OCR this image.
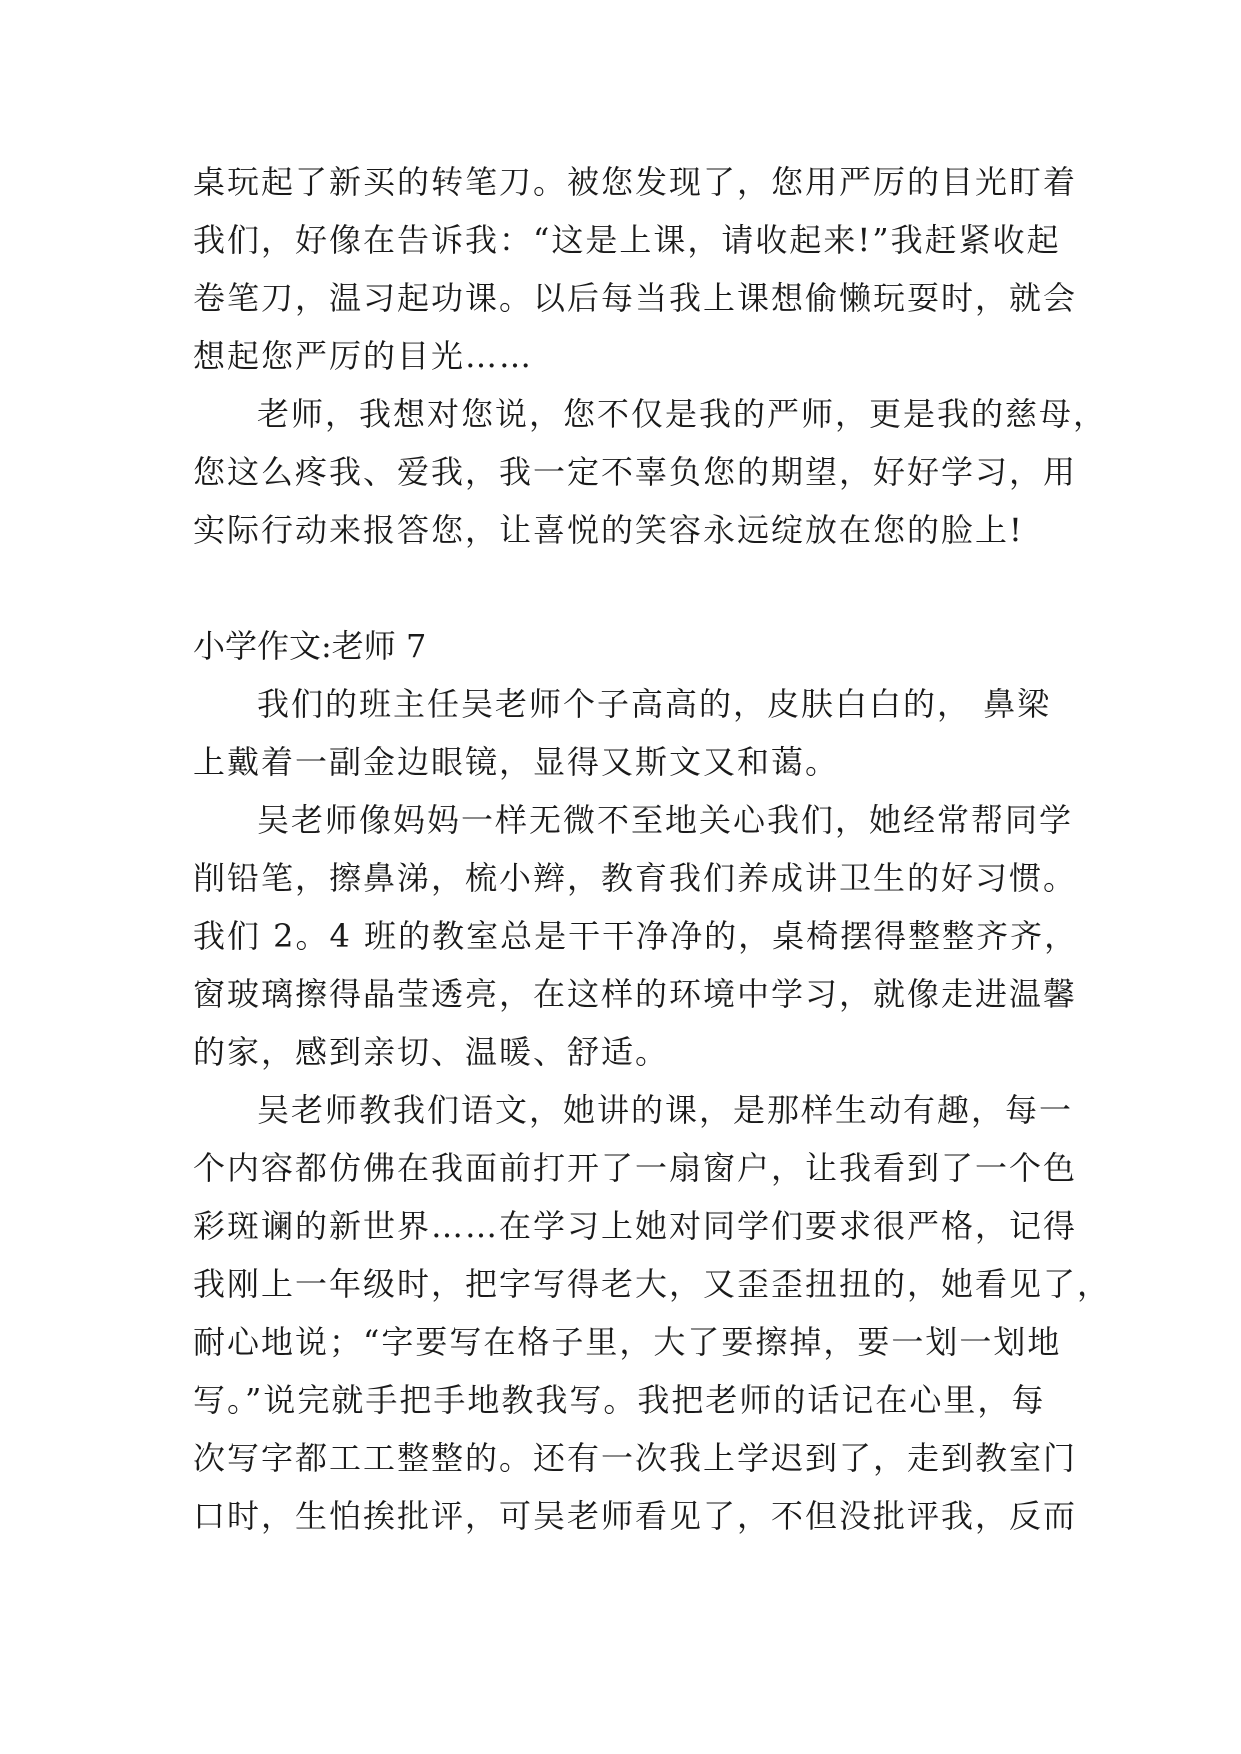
桌玩起了新买的转笔刀。被您发现了，您用严厉的目光盯着
我们，好像在告诉我：“这是上课，请收起来!”我赶紧收起
卷笔刀，温习起功课。以后每当我上课想偷懒玩耍时，就会
想起您严厉的目光……
老师，我想对您说，您不仅是我的严师，更是我的慈母，
您这么疼我、爱我，我一定不辜负您的期望，好好学习，用
实际行动来报答您，让喜悦的笑容永远绽放在您的脸上!
小学作文:老师 7
我们的班主任吴老师个子高高的，皮肤白白的， 鼻梁
上戴着一副金边眼镜，显得又斯文又和蔼。
吴老师像妈妈一样无微不至地关心我们，她经常帮同学
削铅笔，擦鼻涕，梳小辫，教育我们养成讲卫生的好习惯。
我们 2。4 班的教室总是干干净净的，桌椅摆得整整齐齐，
窗玻璃擦得晶莹透亮，在这样的环境中学习，就像走进温馨
的家，感到亲切、温暖、舒适。
吴老师教我们语文，她讲的课，是那样生动有趣，每一
个内容都仿佛在我面前打开了一扇窗户，让我看到了一个色
彩斑谰的新世界……在学习上她对同学们要求很严格，记得
我刚上一年级时，把字写得老大，又歪歪扭扭的，她看见了，
耐心地说；“字要写在格子里，大了要擦掉，要一划一划地
写。”说完就手把手地教我写。我把老师的话记在心里，每
次写字都工工整整的。还有一次我上学迟到了，走到教室门
口时，生怕挨批评，可吴老师看见了，不但没批评我，反而
